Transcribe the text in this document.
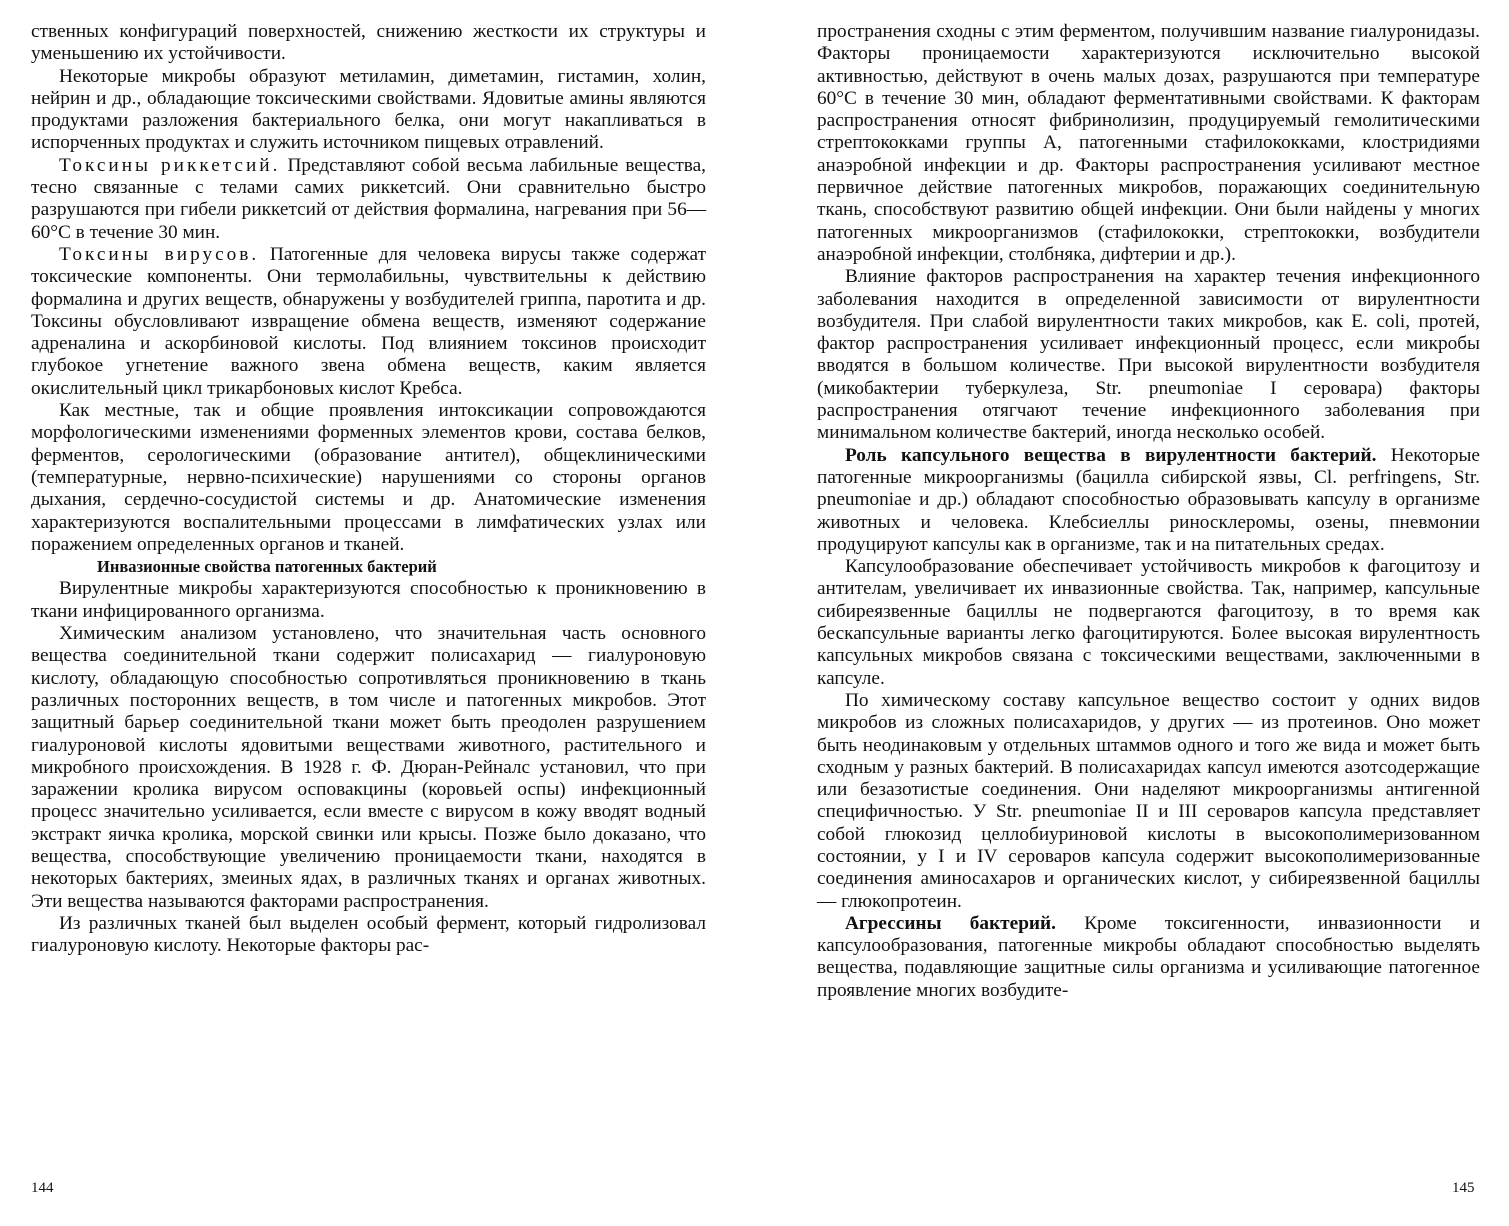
ственных конфигураций поверхностей, снижению жесткости их структуры и уменьшению их устойчивости.

Некоторые микробы образуют метиламин, диметамин, гистамин, холин, нейрин и др., обладающие токсическими свойствами. Ядовитые амины являются продуктами разложения бактериального белка, они могут накапливаться в испорченных продуктах и служить источником пищевых отравлений.

Токсины риккетсий. Представляют собой весьма лабильные вещества, тесно связанные с телами самих риккетсий. Они сравнительно быстро разрушаются при гибели риккетсий от действия формалина, нагревания при 56—60°С в течение 30 мин.

Токсины вирусов. Патогенные для человека вирусы также содержат токсические компоненты. Они термолабильны, чувствительны к действию формалина и других веществ, обнаружены у возбудителей гриппа, паротита и др. Токсины обусловливают извращение обмена веществ, изменяют содержание адреналина и аскорбиновой кислоты. Под влиянием токсинов происходит глубокое угнетение важного звена обмена веществ, каким является окислительный цикл трикарбоновых кислот Кребса.

Как местные, так и общие проявления интоксикации сопровождаются морфологическими изменениями форменных элементов крови, состава белков, ферментов, серологическими (образование антител), общеклиническими (температурные, нервно-психические) нарушениями со стороны органов дыхания, сердечно-сосудистой системы и др. Анатомические изменения характеризуются воспалительными процессами в лимфатических узлах или поражением определенных органов и тканей.

Инвазионные свойства патогенных бактерий

Вирулентные микробы характеризуются способностью к проникновению в ткани инфицированного организма.

Химическим анализом установлено, что значительная часть основного вещества соединительной ткани содержит полисахарид — гиалуроновую кислоту, обладающую способностью сопротивляться проникновению в ткань различных посторонних веществ, в том числе и патогенных микробов. Этот защитный барьер соединительной ткани может быть преодолен разрушением гиалуроновой кислоты ядовитыми веществами животного, растительного и микробного происхождения. В 1928 г. Ф. Дюран-Рейналс установил, что при заражении кролика вирусом осповакцины (коровьей оспы) инфекционный процесс значительно усиливается, если вместе с вирусом в кожу вводят водный экстракт яичка кролика, морской свинки или крысы. Позже было доказано, что вещества, способствующие увеличению проницаемости ткани, находятся в некоторых бактериях, змеиных ядах, в различных тканях и органах животных. Эти вещества называются факторами распространения.

Из различных тканей был выделен особый фермент, который гидролизовал гиалуроновую кислоту. Некоторые факторы рас-

144

пространения сходны с этим ферментом, получившим название гиалуронидазы. Факторы проницаемости характеризуются исключительно высокой активностью, действуют в очень малых дозах, разрушаются при температуре 60°С в течение 30 мин, обладают ферментативными свойствами. К факторам распространения относят фибринолизин, продуцируемый гемолитическими стрептококками группы А, патогенными стафилококками, клостридиями анаэробной инфекции и др. Факторы распространения усиливают местное первичное действие патогенных микробов, поражающих соединительную ткань, способствуют развитию общей инфекции. Они были найдены у многих патогенных микроорганизмов (стафилококки, стрептококки, возбудители анаэробной инфекции, столбняка, дифтерии и др.).

Влияние факторов распространения на характер течения инфекционного заболевания находится в определенной зависимости от вирулентности возбудителя. При слабой вирулентности таких микробов, как E. coli, протей, фактор распространения усиливает инфекционный процесс, если микробы вводятся в большом количестве. При высокой вирулентности возбудителя (микобактерии туберкулеза, Str. pneumoniae I серовара) факторы распространения отягчают течение инфекционного заболевания при минимальном количестве бактерий, иногда несколько особей.

Роль капсульного вещества в вирулентности бактерий. Некоторые патогенные микроорганизмы (бацилла сибирской язвы, Cl. perfringens, Str. pneumoniae и др.) обладают способностью образовывать капсулу в организме животных и человека. Клебсиеллы риносклеромы, озены, пневмонии продуцируют капсулы как в организме, так и на питательных средах.

Капсулообразование обеспечивает устойчивость микробов к фагоцитозу и антителам, увеличивает их инвазионные свойства. Так, например, капсульные сибиреязвенные бациллы не подвергаются фагоцитозу, в то время как бескапсульные варианты легко фагоцитируются. Более высокая вирулентность капсульных микробов связана с токсическими веществами, заключенными в капсуле.

По химическому составу капсульное вещество состоит у одних видов микробов из сложных полисахаридов, у других — из протеинов. Оно может быть неодинаковым у отдельных штаммов одного и того же вида и может быть сходным у разных бактерий. В полисахаридах капсул имеются азотсодержащие или безазотистые соединения. Они наделяют микроорганизмы антигенной специфичностью. У Str. pneumoniae II и III сероваров капсула представляет собой глюкозид целлобиуриновой кислоты в высокополимеризованном состоянии, у I и IV сероваров капсула содержит высокополимеризованные соединения аминосахаров и органических кислот, у сибиреязвенной бациллы — глюкопротеин.

Агрессины бактерий. Кроме токсигенности, инвазионности и капсулообразования, патогенные микробы обладают способностью выделять вещества, подавляющие защитные силы организма и усиливающие патогенное проявление многих возбудите-

145
